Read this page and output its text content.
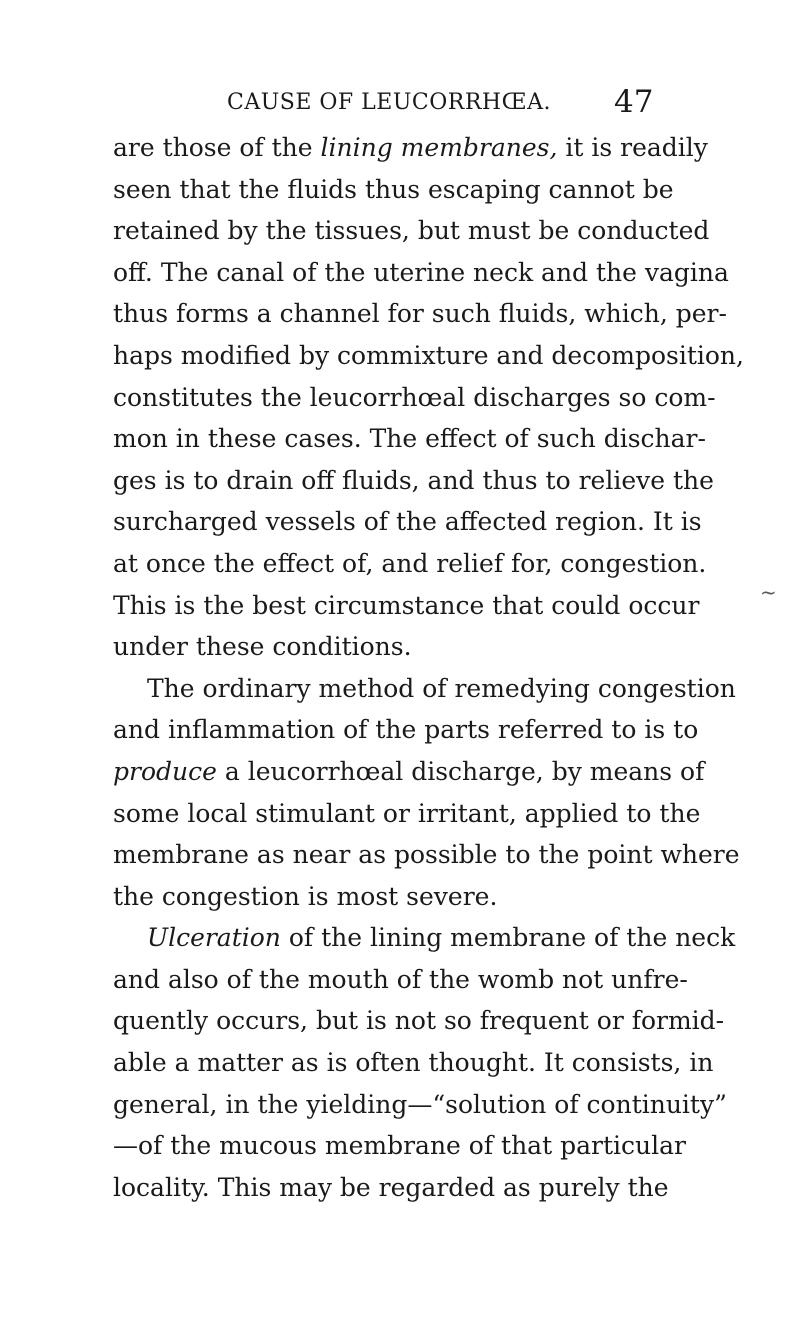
CAUSE OF LEUCORRHŒA. 47
are those of the lining membranes, it is readily
seen that the fluids thus escaping cannot be
retained by the tissues, but must be conducted
off. The canal of the uterine neck and the vagina
thus forms a channel for such fluids, which, per-
haps modified by commixture and decomposition,
constitutes the leucorrhœal discharges so com-
mon in these cases. The effect of such dischar-
ges is to drain off fluids, and thus to relieve the
surcharged vessels of the affected region. It is
at once the effect of, and relief for, congestion.
This is the best circumstance that could occur
under these conditions.
The ordinary method of remedying congestion
and inflammation of the parts referred to is to
produce a leucorrhœal discharge, by means of
some local stimulant or irritant, applied to the
membrane as near as possible to the point where
the congestion is most severe.
Ulceration of the lining membrane of the neck
and also of the mouth of the womb not unfre-
quently occurs, but is not so frequent or formid-
able a matter as is often thought. It consists, in
general, in the yielding—“solution of continuity”
—of the mucous membrane of that particular
locality. This may be regarded as purely the
~
